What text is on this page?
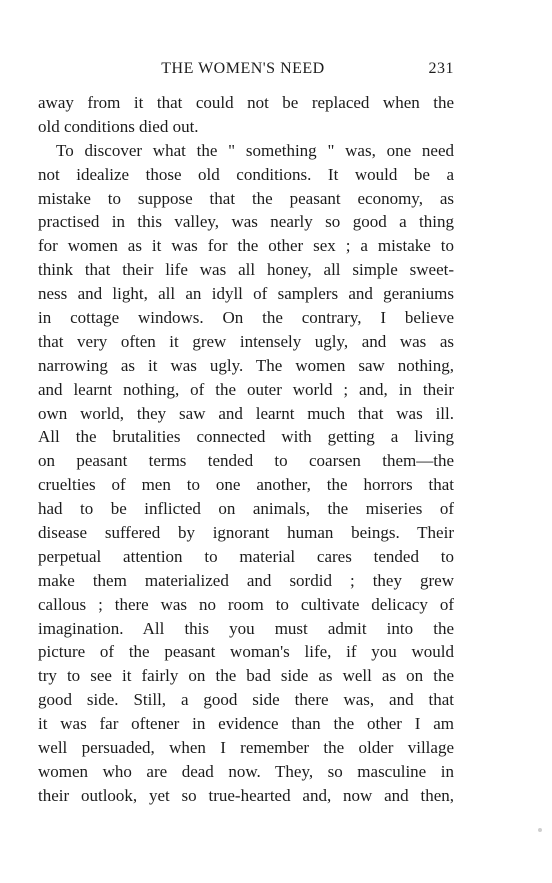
THE WOMEN'S NEED	231
away from it that could not be replaced when the
old conditions died out.
To discover what the " something " was, one need
not idealize those old conditions. It would be a
mistake to suppose that the peasant economy, as
practised in this valley, was nearly so good a thing
for women as it was for the other sex ; a mistake to
think that their life was all honey, all simple sweet-
ness and light, all an idyll of samplers and geraniums
in cottage windows. On the contrary, I believe
that very often it grew intensely ugly, and was as
narrowing as it was ugly. The women saw nothing,
and learnt nothing, of the outer world ; and, in their
own world, they saw and learnt much that was ill.
All the brutalities connected with getting a living
on peasant terms tended to coarsen them—the
cruelties of men to one another, the horrors that
had to be inflicted on animals, the miseries of
disease suffered by ignorant human beings. Their
perpetual attention to material cares tended to
make them materialized and sordid ; they grew
callous ; there was no room to cultivate delicacy of
imagination. All this you must admit into the
picture of the peasant woman's life, if you would
try to see it fairly on the bad side as well as on the
good side. Still, a good side there was, and that
it was far oftener in evidence than the other I am
well persuaded, when I remember the older village
women who are dead now. They, so masculine in
their outlook, yet so true-hearted and, now and then,
